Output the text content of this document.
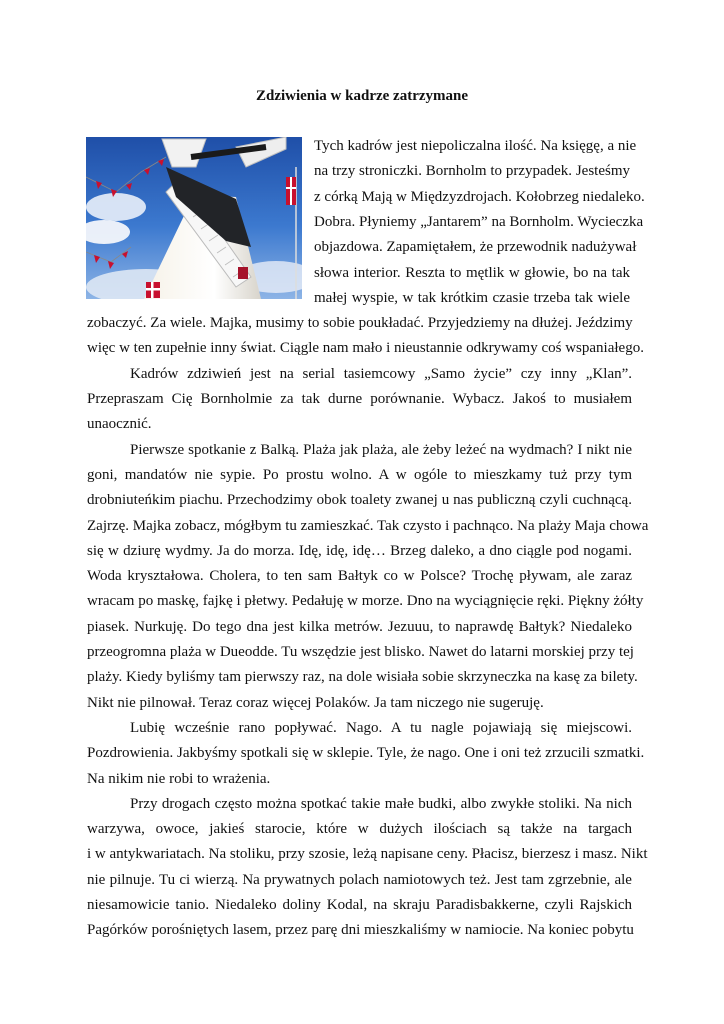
Zdziwienia w kadrze zatrzymane
Tych kadrów jest niepoliczalna ilość. Na księgę, a nie
na trzy stroniczki. Bornholm to przypadek. Jesteśmy
z córką Mają w Międzyzdrojach. Kołobrzeg niedaleko.
Dobra. Płyniemy „Jantarem” na Bornholm. Wycieczka
objazdowa. Zapamiętałem, że przewodnik nadużywał
słowa interior. Reszta to mętlik w głowie, bo na tak
małej wyspie, w tak krótkim czasie trzeba tak wiele
zobaczyć. Za wiele. Majka, musimy to sobie poukładać. Przyjedziemy na dłużej. Jeździmy
więc w ten zupełnie inny świat. Ciągle nam mało i nieustannie odkrywamy coś wspaniałego.
Kadrów zdziwień jest na serial tasiemcowy „Samo życie” czy inny „Klan”.
Przepraszam Cię Bornholmie za tak durne porównanie. Wybacz. Jakoś to musiałem
unaocznić.
Pierwsze spotkanie z Balką. Plaża jak plaża, ale żeby leżeć na wydmach? I nikt nie
goni, mandatów nie sypie. Po prostu wolno. A w ogóle to mieszkamy tuż przy tym
drobniuteńkim piachu. Przechodzimy obok toalety zwanej u nas publiczną czyli cuchnącą.
Zajrzę. Majka zobacz, mógłbym tu zamieszkać. Tak czysto i pachnąco. Na plaży Maja chowa
się w dziurę wydmy. Ja do morza. Idę, idę, idę… Brzeg daleko, a dno ciągle pod nogami.
Woda kryształowa. Cholera, to ten sam Bałtyk co w Polsce? Trochę pływam, ale zaraz
wracam po maskę, fajkę i płetwy. Pedałuję w morze. Dno na wyciągnięcie ręki. Piękny żółty
piasek. Nurkuję. Do tego dna jest kilka metrów. Jezuuu, to naprawdę Bałtyk? Niedaleko
przeogromna plaża w Dueodde. Tu wszędzie jest blisko. Nawet do latarni morskiej przy tej
plaży. Kiedy byliśmy tam pierwszy raz, na dole wisiała sobie skrzyneczka na kasę za bilety.
Nikt nie pilnował. Teraz coraz więcej Polaków. Ja tam niczego nie sugeruję.
Lubię wcześnie rano popływać. Nago. A tu nagle pojawiają się miejscowi.
Pozdrowienia. Jakbyśmy spotkali się w sklepie. Tyle, że nago. One i oni też zrzucili szmatki.
Na nikim nie robi to wrażenia.
Przy drogach często można spotkać takie małe budki, albo zwykłe stoliki. Na nich
warzywa, owoce, jakieś starocie, które w dużych ilościach są także na targach
i w antykwariatach. Na stoliku, przy szosie, leżą napisane ceny. Płacisz, bierzesz i masz. Nikt
nie pilnuje. Tu ci wierzą. Na prywatnych polach namiotowych też. Jest tam zgrzebnie, ale
niesamowicie tanio. Niedaleko doliny Kodal, na skraju Paradisbakkerne, czyli Rajskich
Pagórków porośniętych lasem, przez parę dni mieszkaliśmy w namiocie. Na koniec pobytu
